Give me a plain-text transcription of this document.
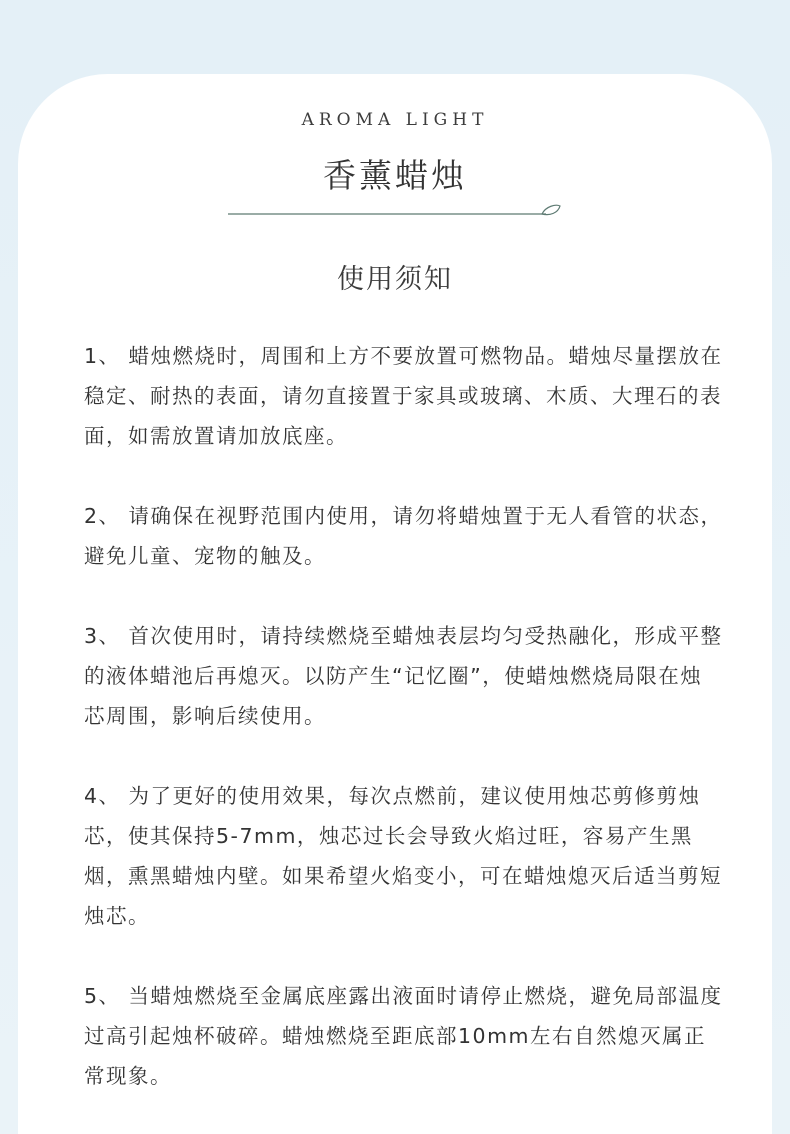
AROMA LIGHT
香薰蜡烛
使用须知

1、 蜡烛燃烧时，周围和上方不要放置可燃物品。蜡烛尽量摆放在稳定、耐热的表面，请勿直接置于家具或玻璃、木质、大理石的表面，如需放置请加放底座。

2、 请确保在视野范围内使用，请勿将蜡烛置于无人看管的状态，避免儿童、宠物的触及。

3、 首次使用时，请持续燃烧至蜡烛表层均匀受热融化，形成平整的液体蜡池后再熄灭。以防产生“记忆圈”，使蜡烛燃烧局限在烛芯周围，影响后续使用。

4、 为了更好的使用效果，每次点燃前，建议使用烛芯剪修剪烛芯，使其保持5-7mm，烛芯过长会导致火焰过旺，容易产生黑烟，熏黑蜡烛内壁。如果希望火焰变小，可在蜡烛熄灭后适当剪短烛芯。

5、 当蜡烛燃烧至金属底座露出液面时请停止燃烧，避免局部温度过高引起烛杯破碎。蜡烛燃烧至距底部10mm左右自然熄灭属正常现象。
